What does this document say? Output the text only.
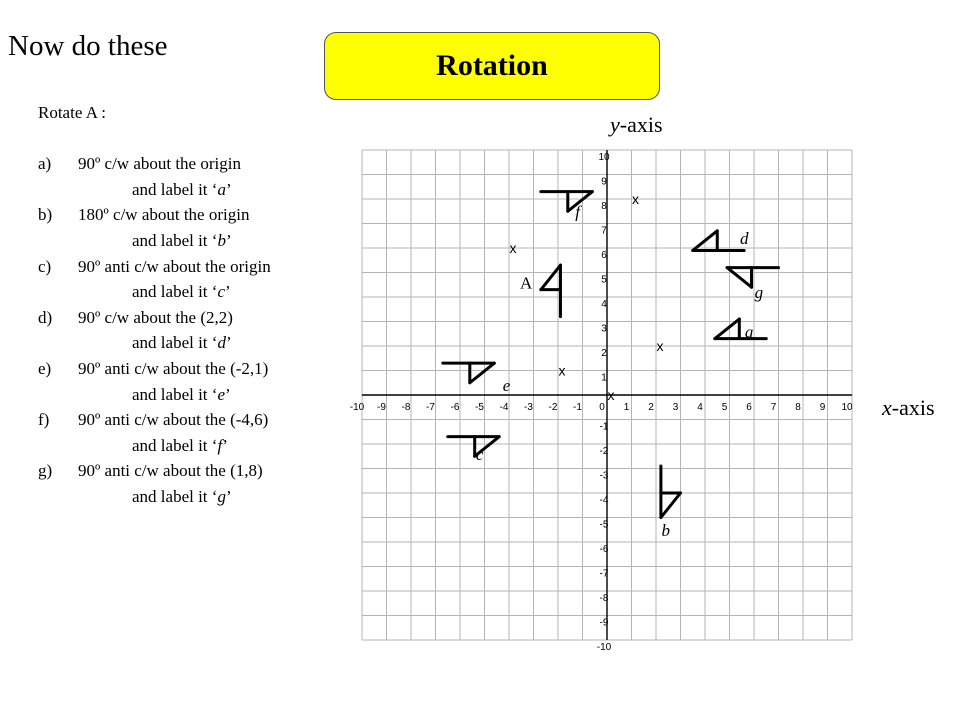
Now do these
Rotation
Rotate A :
a)	90º c/w about the origin
and label it ‘a’
b)	180º c/w about the origin
and label it ‘b’
c)	90º anti c/w about the origin
and label it ‘c’
d)	90º c/w about the (2,2)
and label it ‘d’
e)	90º anti c/w about the (-2,1)
and label it ‘e’
f)	90º anti c/w about the (-4,6)
and label it ‘f’
g)	90º anti c/w about the (1,8)
and label it ‘g’
y-axis
x-axis
-10 -9 -8 -7 -6 -5 -4 -3 -2 -1 0 1 2 3 4 5 6 7 8 9 10
10
9
8
7
6
5
4
3
2
1
-1
-2
-3
-4
-5
-6
-7
-8
-9
-10
A
a
b
c
d
e
f
g
x
x
x
x
x
